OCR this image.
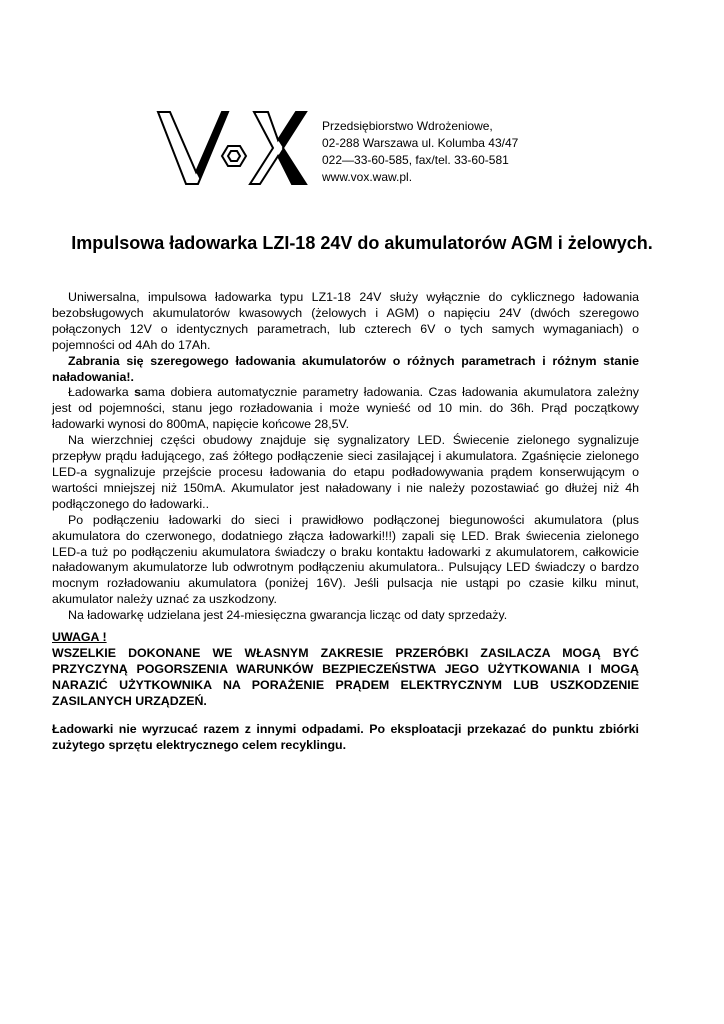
Przedsiębiorstwo Wdrożeniowe,
02-288 Warszawa ul. Kolumba 43/47
022—33-60-585, fax/tel. 33-60-581
www.vox.waw.pl.
Impulsowa ładowarka LZI-18 24V do akumulatorów AGM i żelowych.

Uniwersalna, impulsowa ładowarka typu LZ1-18 24V służy wyłącznie do cyklicznego ładowania bezobsługowych akumulatorów kwasowych (żelowych i AGM) o napięciu 24V (dwóch szeregowo połączonych 12V o identycznych parametrach, lub czterech 6V o tych samych wymaganiach) o pojemności od 4Ah do 17Ah.

Zabrania się szeregowego ładowania akumulatorów o różnych parametrach i różnym stanie naładowania!.

Ładowarka sama dobiera automatycznie parametry ładowania. Czas ładowania akumulatora zależny jest od pojemności, stanu jego rozładowania i może wynieść od 10 min. do 36h. Prąd początkowy ładowarki wynosi do 800mA, napięcie końcowe 28,5V.

Na wierzchniej części obudowy znajduje się sygnalizatory LED. Świecenie zielonego sygnalizuje przepływ prądu ładującego, zaś żółtego podłączenie sieci zasilającej i akumulatora. Zgaśnięcie zielonego LED-a sygnalizuje przejście procesu ładowania do etapu podładowywania prądem konserwującym o wartości mniejszej niż 150mA. Akumulator jest naładowany i nie należy pozostawiać go dłużej niż 4h podłączonego do ładowarki..

Po podłączeniu ładowarki do sieci i prawidłowo podłączonej biegunowości akumulatora (plus akumulatora do czerwonego, dodatniego złącza ładowarki!!!) zapali się LED. Brak świecenia zielonego LED-a tuż po podłączeniu akumulatora świadczy o braku kontaktu ładowarki z akumulatorem, całkowicie naładowanym akumulatorze lub odwrotnym podłączeniu akumulatora.. Pulsujący LED świadczy o bardzo mocnym rozładowaniu akumulatora (poniżej 16V). Jeśli pulsacja nie ustąpi po czasie kilku minut, akumulator należy uznać za uszkodzony.

Na ładowarkę udzielana jest 24-miesięczna gwarancja licząc od daty sprzedaży.

UWAGA !
WSZELKIE DOKONANE WE WŁASNYM ZAKRESIE PRZERÓBKI ZASILACZA MOGĄ BYĆ PRZYCZYNĄ POGORSZENIA WARUNKÓW BEZPIECZEŃSTWA JEGO UŻYTKOWANIA I MOGĄ NARAZIĆ UŻYTKOWNIKA NA PORAŻENIE PRĄDEM ELEKTRYCZNYM LUB USZKODZENIE ZASILANYCH URZĄDZEŃ.
Ładowarki nie wyrzucać razem z innymi odpadami. Po eksploatacji przekazać do punktu zbiórki zużytego sprzętu elektrycznego celem recyklingu.
